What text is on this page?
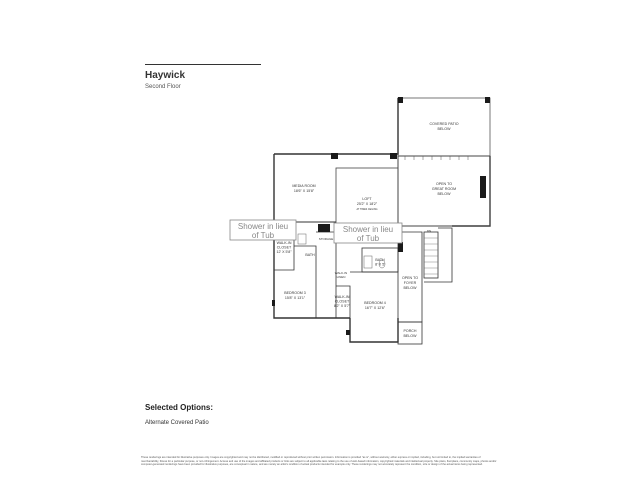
Haywick
Second Floor
COVERED PATIO BELOW
MEDIA ROOM 18'6" X 15'8"
LOFT 25'2" X 18'2"
AT TIMES CEILING
OPEN TO GREAT ROOM BELOW
WALK-IN CLOSET 12' X 5'8"
BATH
STORAGE
BATH 8' X 5'
WALK-IN LINEN	OPEN TO FOYER BELOW
BEDROOM 3 15'8" X 13'1"	WALK-IN CLOSET 8'2" X 5'7"
BEDROOM 4 16'7" X 12'6"
PORCH BELOW
DN
Shower in lieu of Tub
Shower in lieu of Tub
Selected Options:
Alternate Covered Patio
These renderings are intended for illustrative purposes only. Images are copyrighted and may not be distributed, modified or reproduced without prior written permission. Information is provided "as is", without warranty, either express or implied, including, but not limited to, the implied warranties of merchantability, fitness for a particular purpose, or non-infringement. Access and use of the images and affiliated products or links are subject to all applicable laws relating to the use of web-based information, copyrighted materials and intellectual property. Site plans, floorplans, community maps, photos and/or computer-generated renderings have been provided for illustrative purposes, are conceptual in nature, and are merely an artist's rendition of actual products intended for example only. These renderings may not accurately represent the condition, size or design of the actual items being represented.
